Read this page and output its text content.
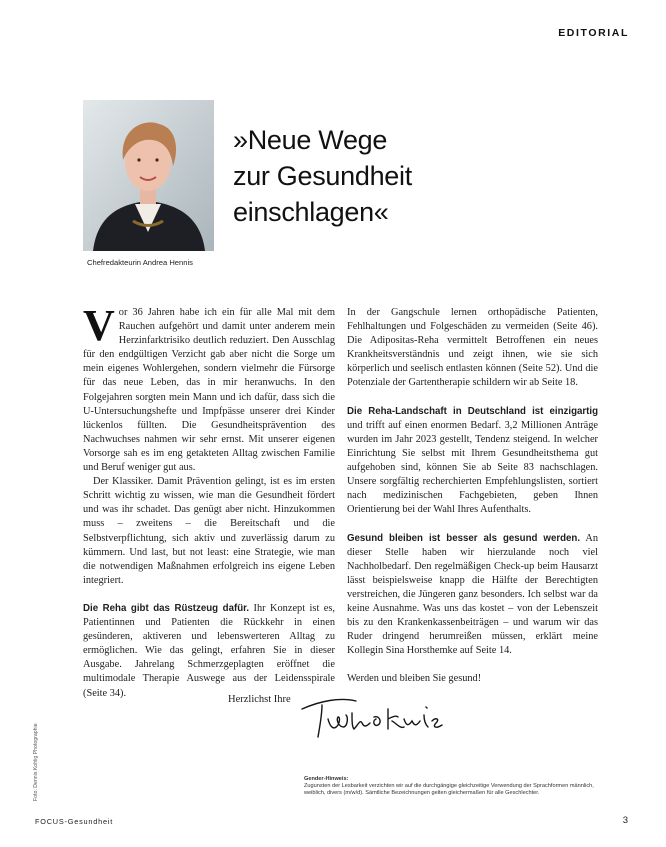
EDITORIAL
Chefredakteurin Andrea Hennis
»Neue Wege
zur Gesundheit
einschlagen«

Vor 36 Jahren habe ich ein für alle Mal mit dem Rauchen aufgehört und damit unter anderem mein Herzinfarktrisiko deutlich reduziert. Den Ausschlag für den endgültigen Verzicht gab aber nicht die Sorge um mein eigenes Wohlergehen, sondern vielmehr die Fürsorge für das neue Leben, das in mir heranwuchs. In den Folgejahren sorgten mein Mann und ich dafür, dass sich die U-Untersuchungshefte und Impfpässe unserer drei Kinder lückenlos füllten. Die Gesundheitsprävention des Nachwuchses nahmen wir sehr ernst. Mit unserer eigenen Vorsorge sah es im eng getakteten Alltag zwischen Familie und Beruf weniger gut aus.

Der Klassiker. Damit Prävention gelingt, ist es im ersten Schritt wichtig zu wissen, wie man die Gesundheit fördert und was ihr schadet. Das genügt aber nicht. Hinzukommen muss – zweitens – die Bereitschaft und die Selbstverpflichtung, sich aktiv und zuverlässig darum zu kümmern. Und last, but not least: eine Strategie, wie man die notwendigen Maßnahmen erfolgreich ins eigene Leben integriert.

Die Reha gibt das Rüstzeug dafür. Ihr Konzept ist es, Patientinnen und Patienten die Rückkehr in einen gesünderen, aktiveren und lebenswerteren Alltag zu ermöglichen. Wie das gelingt, erfahren Sie in dieser Ausgabe. Jahrelang Schmerzgeplagten eröffnet die multimodale Therapie Auswege aus der Leidensspirale (Seite 34).

In der Gangschule lernen orthopädische Patienten, Fehlhaltungen und Folgeschäden zu vermeiden (Seite 46). Die Adipositas-Reha vermittelt Betroffenen ein neues Krankheitsverständnis und zeigt ihnen, wie sie sich körperlich und seelisch entlasten können (Seite 52). Und die Potenziale der Gartentherapie schildern wir ab Seite 18.

Die Reha-Landschaft in Deutschland ist einzigartig und trifft auf einen enormen Bedarf. 3,2 Millionen Anträge wurden im Jahr 2023 gestellt, Tendenz steigend. In welcher Einrichtung Sie selbst mit Ihrem Gesundheitsthema gut aufgehoben sind, können Sie ab Seite 83 nachschlagen. Unsere sorgfältig recherchierten Empfehlungslisten, sortiert nach medizinischen Fachgebieten, geben Ihnen Orientierung bei der Wahl Ihres Aufenthalts.

Gesund bleiben ist besser als gesund werden. An dieser Stelle haben wir hierzulande noch viel Nachholbedarf. Den regelmäßigen Check-up beim Hausarzt lässt beispielsweise knapp die Hälfte der Berechtigten verstreichen, die Jüngeren ganz besonders. Ich selbst war da keine Ausnahme. Was uns das kostet – von der Lebenszeit bis zu den Krankenkassenbeiträgen – und warum wir das Ruder dringend herumreißen müssen, erklärt meine Kollegin Sina Horsthemke auf Seite 14.

Werden und bleiben Sie gesund!

Herzlichst Ihre
Foto: Dennis Kohlig Photographie	Gender-Hinweis:
Zugunsten der Lesbarkeit verzichten wir auf die durchgängige gleichzeitige Verwendung der Sprachformen männlich, weiblich, divers (m/w/d). Sämtliche Bezeichnungen gelten gleichermaßen für alle Geschlechter.
FOCUS-Gesundheit	3
